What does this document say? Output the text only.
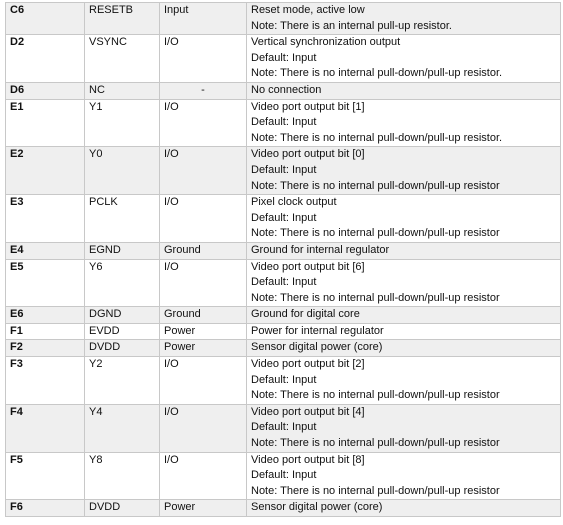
C6	RESETB	Input	Reset mode, active low
Note: There is an internal pull-up resistor.

D2	VSYNC	I/O	Vertical synchronization output
Default: Input
Note: There is no internal pull-down/pull-up resistor.

D6	NC	-	No connection

E1	Y1	I/O	Video port output bit [1]
Default: Input
Note: There is no internal pull-down/pull-up resistor.

E2	Y0	I/O	Video port output bit [0]
Default: Input
Note: There is no internal pull-down/pull-up resistor

E3	PCLK	I/O	Pixel clock output
Default: Input
Note: There is no internal pull-down/pull-up resistor

E4	EGND	Ground	Ground for internal regulator

E5	Y6	I/O	Video port output bit [6]
Default: Input
Note: There is no internal pull-down/pull-up resistor

E6	DGND	Ground	Ground for digital core

F1	EVDD	Power	Power for internal regulator

F2	DVDD	Power	Sensor digital power (core)

F3	Y2	I/O	Video port output bit [2]
Default: Input
Note: There is no internal pull-down/pull-up resistor

F4	Y4	I/O	Video port output bit [4]
Default: Input
Note: There is no internal pull-down/pull-up resistor

F5	Y8	I/O	Video port output bit [8]
Default: Input
Note: There is no internal pull-down/pull-up resistor

F6	DVDD	Power	Sensor digital power (core)
